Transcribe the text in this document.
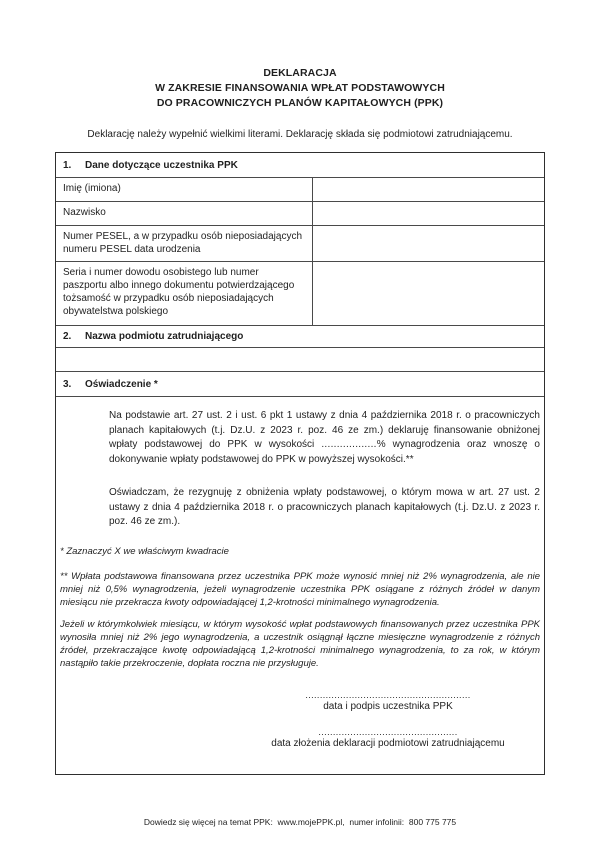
DEKLARACJA
W ZAKRESIE FINANSOWANIA WPŁAT PODSTAWOWYCH
DO PRACOWNICZYCH PLANÓW KAPITAŁOWYCH (PPK)

Deklarację należy wypełnić wielkimi literami. Deklarację składa się podmiotowi zatrudniającemu.

1.	Dane dotyczące uczestnika PPK
Imię (imiona)
Nazwisko
Numer PESEL, a w przypadku osób nieposiadających numeru PESEL data urodzenia
Seria i numer dowodu osobistego lub numer paszportu albo innego dokumentu potwierdzającego tożsamość w przypadku osób nieposiadających obywatelstwa polskiego
2.	Nazwa podmiotu zatrudniającego
3.	Oświadczenie *

Na podstawie art. 27 ust. 2 i ust. 6 pkt 1 ustawy z dnia 4 października 2018 r. o pracowniczych planach kapitałowych (t.j. Dz.U. z 2023 r. poz. 46 ze zm.) deklaruję finansowanie obniżonej wpłaty podstawowej do PPK w wysokości ..................% wynagrodzenia oraz wnoszę o dokonywanie wpłaty podstawowej do PPK w powyższej wysokości.**

Oświadczam, że rezygnuję z obniżenia wpłaty podstawowej, o którym mowa w art. 27 ust. 2 ustawy z dnia 4 października 2018 r. o pracowniczych planach kapitałowych (t.j. Dz.U. z 2023 r. poz. 46 ze zm.).

* Zaznaczyć X we właściwym kwadracie

** Wpłata podstawowa finansowana przez uczestnika PPK może wynosić mniej niż 2% wynagrodzenia, ale nie mniej niż 0,5% wynagrodzenia, jeżeli wynagrodzenie uczestnika PPK osiągane z różnych źródeł w danym miesiącu nie przekracza kwoty odpowiadającej 1,2-krotności minimalnego wynagrodzenia.

Jeżeli w którymkolwiek miesiącu, w którym wysokość wpłat podstawowych finansowanych przez uczestnika PPK wynosiła mniej niż 2% jego wynagrodzenia, a uczestnik osiągnął łączne miesięczne wynagrodzenie z różnych źródeł, przekraczające kwotę odpowiadającą 1,2-krotności minimalnego wynagrodzenia, to za rok, w którym nastąpiło takie przekroczenie, dopłata roczna nie przysługuje.

.........................................................
data i podpis uczestnika PPK
................................................
data złożenia deklaracji podmiotowi zatrudniającemu

Dowiedz się więcej na temat PPK:  www.mojePPK.pl,  numer infolinii:  800 775 775
